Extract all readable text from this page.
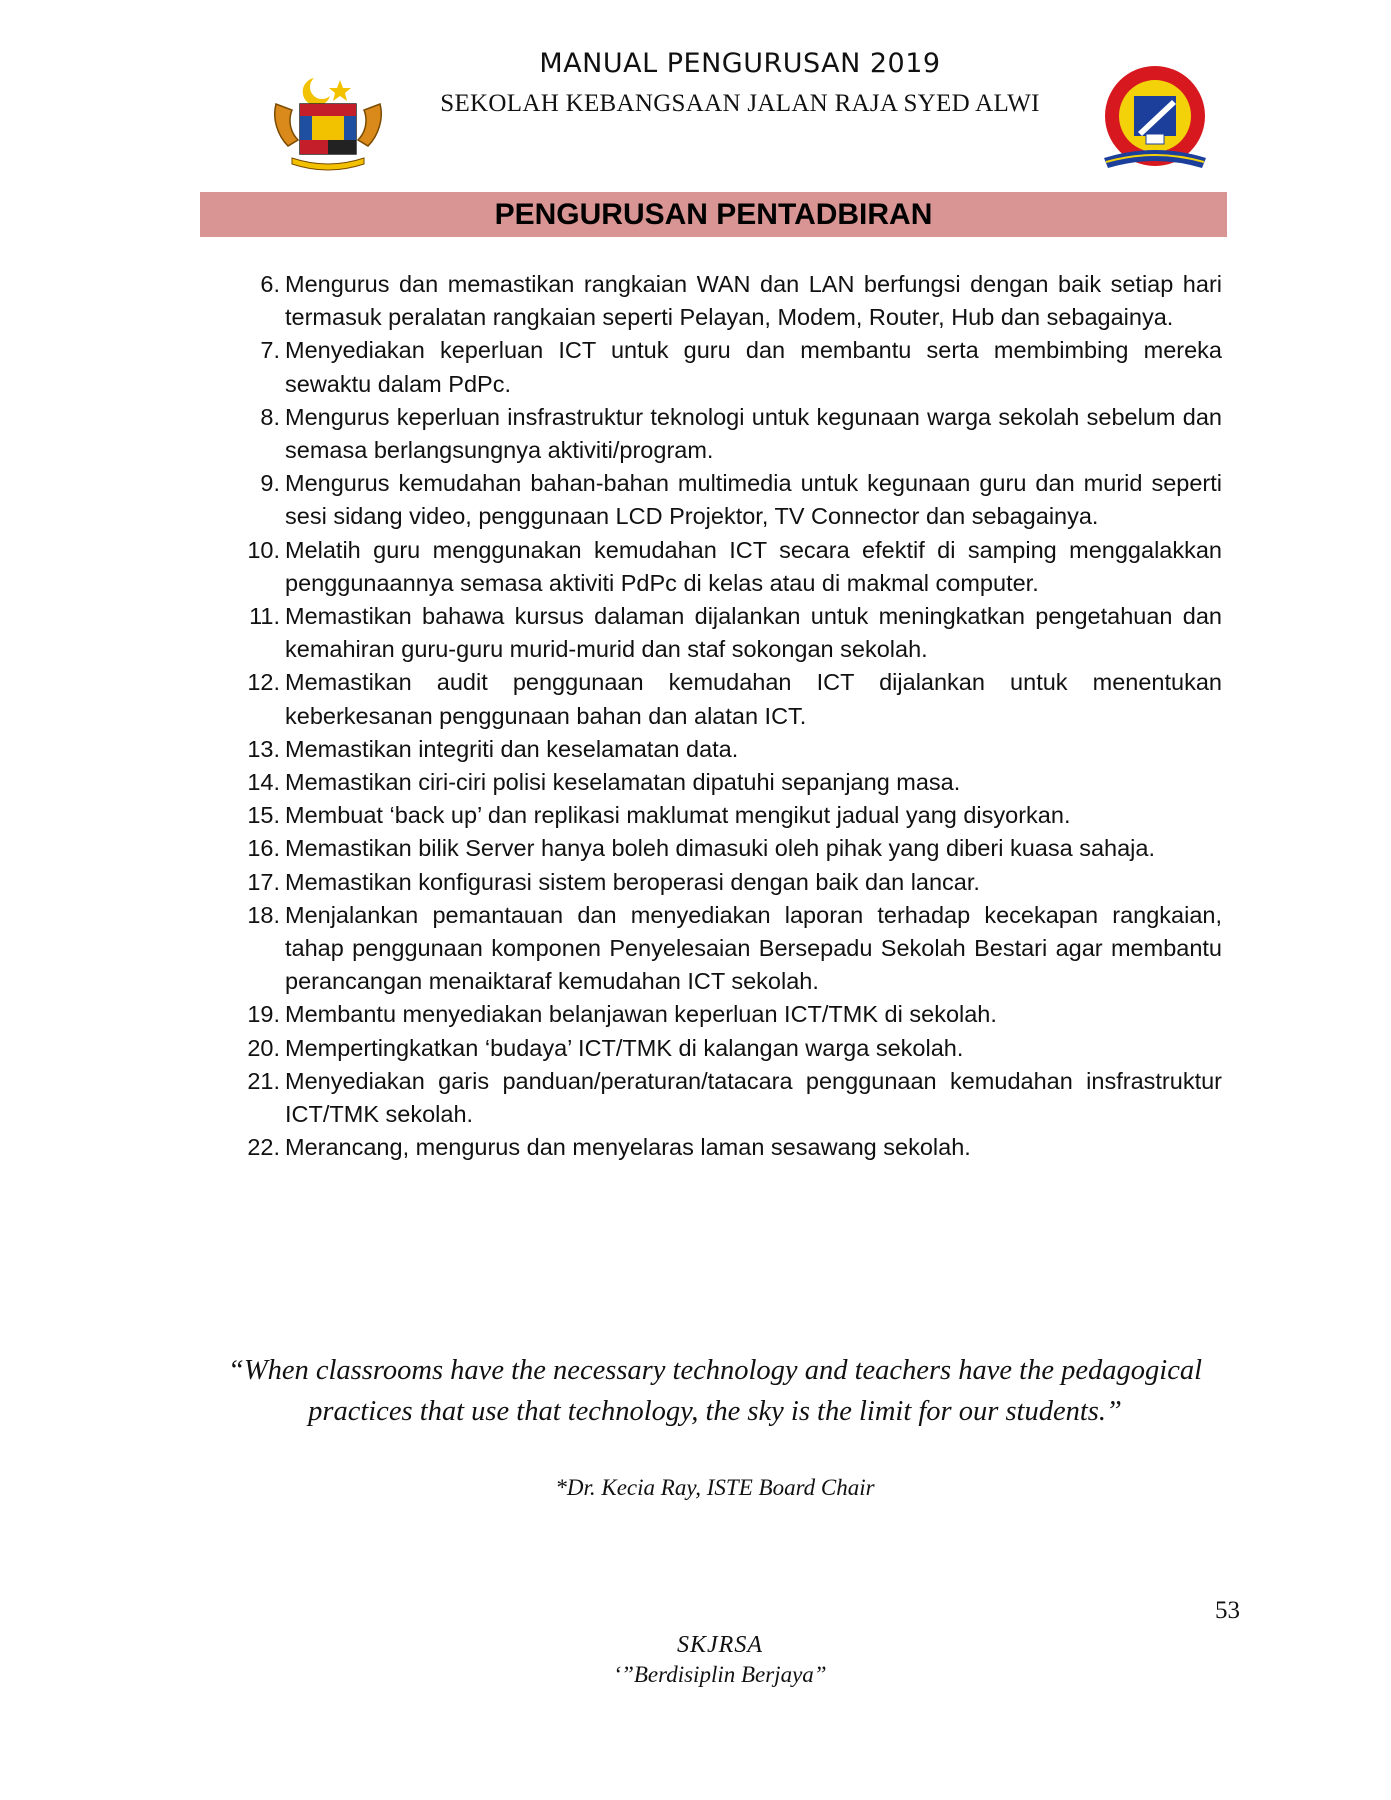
MANUAL PENGURUSAN 2019
SEKOLAH KEBANGSAAN JALAN RAJA SYED ALWI
PENGURUSAN PENTADBIRAN
6. Mengurus dan memastikan rangkaian WAN dan LAN berfungsi dengan baik setiap hari termasuk peralatan rangkaian seperti Pelayan, Modem, Router, Hub dan sebagainya.
7. Menyediakan keperluan ICT untuk guru dan membantu serta membimbing mereka sewaktu dalam PdPc.
8. Mengurus keperluan insfrastruktur teknologi untuk kegunaan warga sekolah sebelum dan semasa berlangsungnya aktiviti/program.
9. Mengurus kemudahan bahan-bahan multimedia untuk kegunaan guru dan murid seperti sesi sidang video, penggunaan LCD Projektor, TV Connector dan sebagainya.
10. Melatih guru menggunakan kemudahan ICT secara efektif di samping menggalakkan penggunaannya semasa aktiviti PdPc di kelas atau di makmal computer.
11. Memastikan bahawa kursus dalaman dijalankan untuk meningkatkan pengetahuan dan kemahiran guru-guru murid-murid dan staf sokongan sekolah.
12. Memastikan audit penggunaan kemudahan ICT dijalankan untuk menentukan keberkesanan penggunaan bahan dan alatan ICT.
13. Memastikan integriti dan keselamatan data.
14. Memastikan ciri-ciri polisi keselamatan dipatuhi sepanjang masa.
15. Membuat ‘back up’ dan replikasi maklumat mengikut jadual yang disyorkan.
16. Memastikan bilik Server hanya boleh dimasuki oleh pihak yang diberi kuasa sahaja.
17. Memastikan konfigurasi sistem beroperasi dengan baik dan lancar.
18. Menjalankan pemantauan dan menyediakan laporan terhadap kecekapan rangkaian, tahap penggunaan komponen Penyelesaian Bersepadu Sekolah Bestari agar membantu perancangan menaiktaraf kemudahan ICT sekolah.
19. Membantu menyediakan belanjawan keperluan ICT/TMK di sekolah.
20. Mempertingkatkan ‘budaya’ ICT/TMK di kalangan warga sekolah.
21. Menyediakan garis panduan/peraturan/tatacara penggunaan kemudahan insfrastruktur ICT/TMK sekolah.
22. Merancang, mengurus dan menyelaras laman sesawang sekolah.
“When classrooms have the necessary technology and teachers have the pedagogical
practices that use that technology, the sky is the limit for our students.”
*Dr. Kecia Ray, ISTE Board Chair
53
SKJRSA
‘”Berdisiplin Berjaya”
